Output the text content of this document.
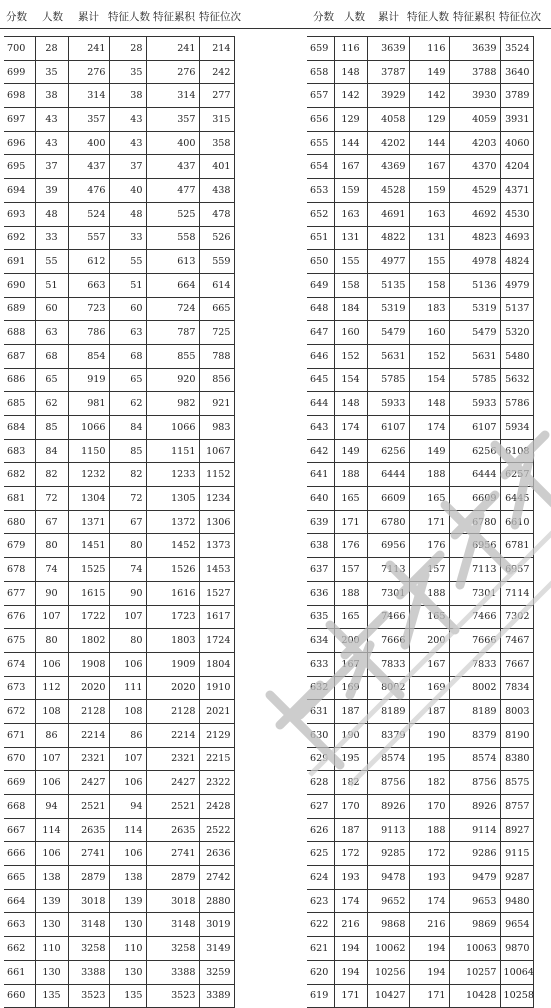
分数 人数 累计 特征人数 特征累积 特征位次	分数 人数 累计 特征人数 特征累积 特征位次
700	28	241	28	241	214
699	35	276	35	276	242
698	38	314	38	314	277
697	43	357	43	357	315
696	43	400	43	400	358
695	37	437	37	437	401
694	39	476	40	477	438
693	48	524	48	525	478
692	33	557	33	558	526
691	55	612	55	613	559
690	51	663	51	664	614
689	60	723	60	724	665
688	63	786	63	787	725
687	68	854	68	855	788
686	65	919	65	920	856
685	62	981	62	982	921
684	85	1066	84	1066	983
683	84	1150	85	1151	1067
682	82	1232	82	1233	1152
681	72	1304	72	1305	1234
680	67	1371	67	1372	1306
679	80	1451	80	1452	1373
678	74	1525	74	1526	1453
677	90	1615	90	1616	1527
676	107	1722	107	1723	1617
675	80	1802	80	1803	1724
674	106	1908	106	1909	1804
673	112	2020	111	2020	1910
672	108	2128	108	2128	2021
671	86	2214	86	2214	2129
670	107	2321	107	2321	2215
669	106	2427	106	2427	2322
668	94	2521	94	2521	2428
667	114	2635	114	2635	2522
666	106	2741	106	2741	2636
665	138	2879	138	2879	2742
664	139	3018	139	3018	2880
663	130	3148	130	3148	3019
662	110	3258	110	3258	3149
661	130	3388	130	3388	3259
660	135	3523	135	3523	3389
659	116	3639	116	3639	3524
658	148	3787	149	3788	3640
657	142	3929	142	3930	3789
656	129	4058	129	4059	3931
655	144	4202	144	4203	4060
654	167	4369	167	4370	4204
653	159	4528	159	4529	4371
652	163	4691	163	4692	4530
651	131	4822	131	4823	4693
650	155	4977	155	4978	4824
649	158	5135	158	5136	4979
648	184	5319	183	5319	5137
647	160	5479	160	5479	5320
646	152	5631	152	5631	5480
645	154	5785	154	5785	5632
644	148	5933	148	5933	5786
643	174	6107	174	6107	5934
642	149	6256	149	6256	6108
641	188	6444	188	6444	6257
640	165	6609	165	6609	6445
639	171	6780	171	6780	6610
638	176	6956	176	6956	6781
637	157	7113	157	7113	6957
636	188	7301	188	7301	7114
635	165	7466	165	7466	7302
634	200	7666	200	7666	7467
633	167	7833	167	7833	7667
632	169	8002	169	8002	7834
631	187	8189	187	8189	8003
630	190	8379	190	8379	8190
629	195	8574	195	8574	8380
628	182	8756	182	8756	8575
627	170	8926	170	8926	8757
626	187	9113	188	9114	8927
625	172	9285	172	9286	9115
624	193	9478	193	9479	9287
623	174	9652	174	9653	9480
622	216	9868	216	9869	9654
621	194	10062	194	10063	9870
620	194	10256	194	10257	10064
619	171	10427	171	10428	10258
